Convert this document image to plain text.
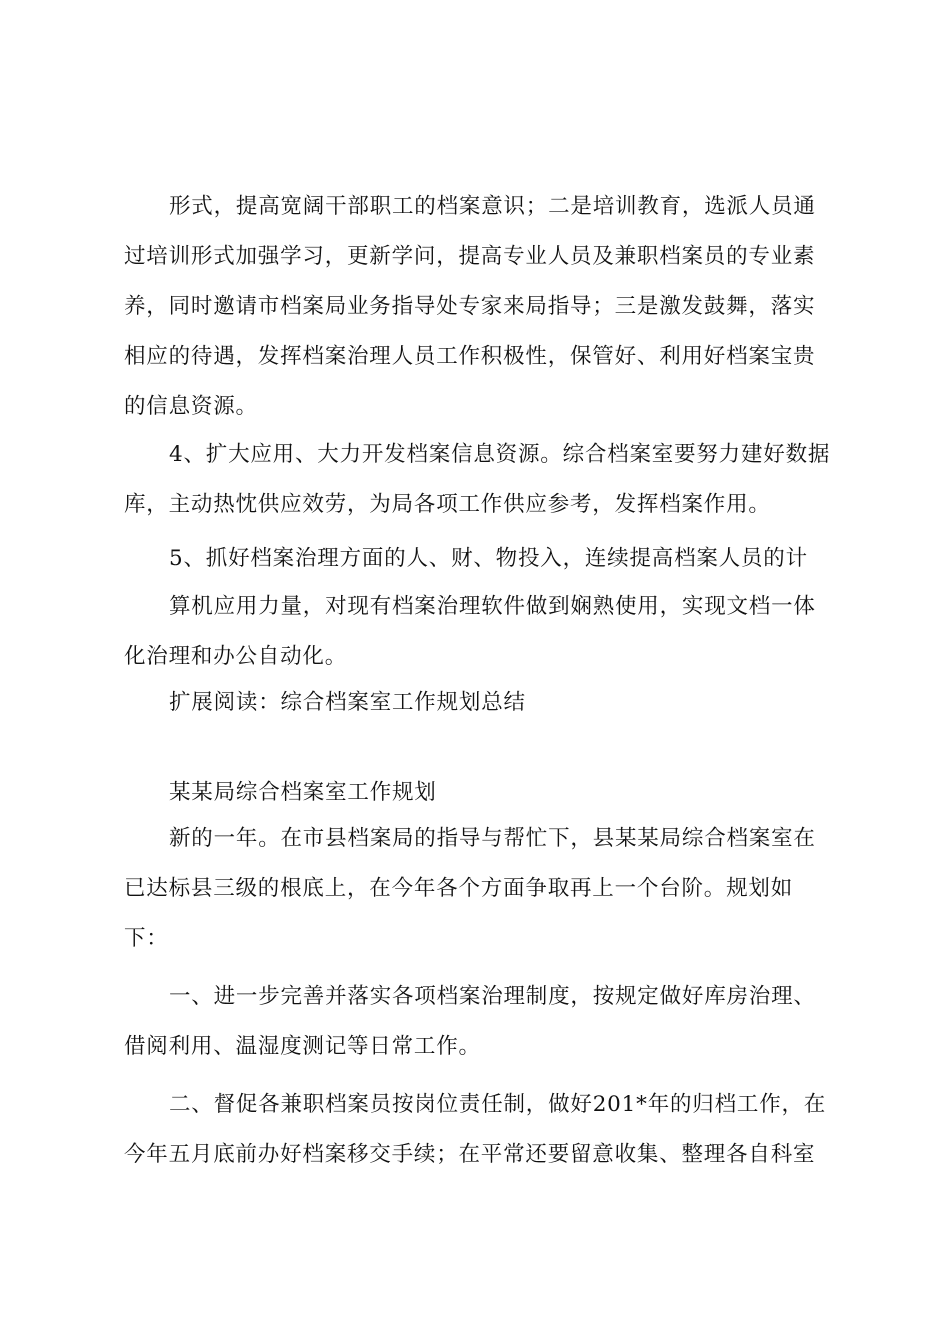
形式，提高宽阔干部职工的档案意识；二是培训教育，选派人员通
过培训形式加强学习，更新学问，提高专业人员及兼职档案员的专业素
养，同时邀请市档案局业务指导处专家来局指导；三是激发鼓舞，落实
相应的待遇，发挥档案治理人员工作积极性，保管好、利用好档案宝贵
的信息资源。

4、扩大应用、大力开发档案信息资源。综合档案室要努力建好数据
库，主动热忱供应效劳，为局各项工作供应参考，发挥档案作用。

5、抓好档案治理方面的人、财、物投入，连续提高档案人员的计

算机应用力量，对现有档案治理软件做到娴熟使用，实现文档一体
化治理和办公自动化。

扩展阅读：综合档案室工作规划总结

某某局综合档案室工作规划

新的一年。在市县档案局的指导与帮忙下，县某某局综合档案室在
已达标县三级的根底上，在今年各个方面争取再上一个台阶。规划如
下：

一、进一步完善并落实各项档案治理制度，按规定做好库房治理、
借阅利用、温湿度测记等日常工作。

二、督促各兼职档案员按岗位责任制，做好201*年的归档工作，在
今年五月底前办好档案移交手续；在平常还要留意收集、整理各自科室
